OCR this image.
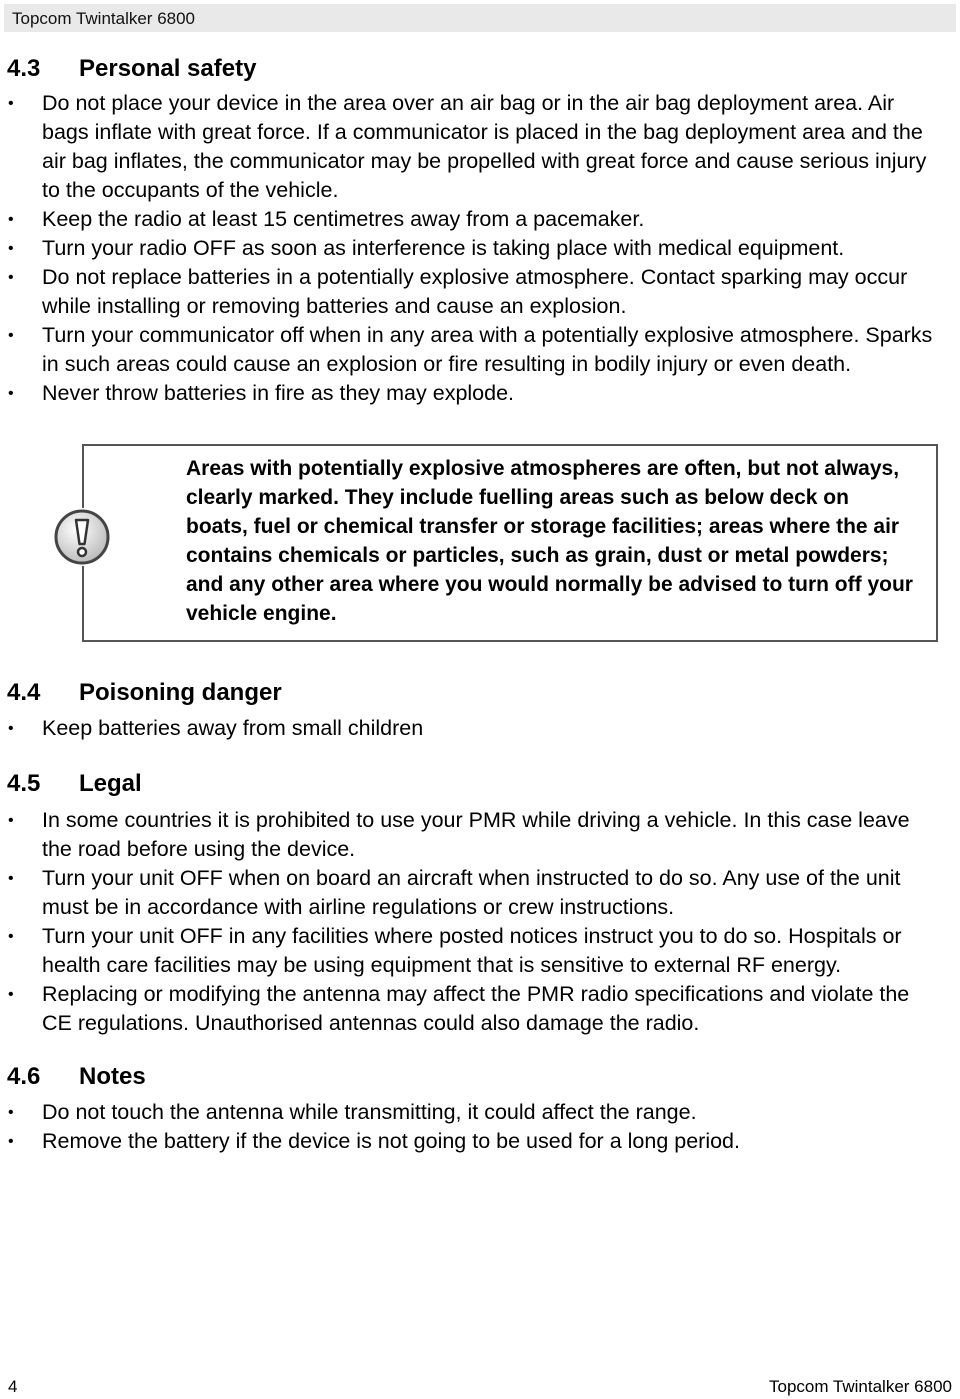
Topcom Twintalker 6800
4.3 Personal safety
• Do not place your device in the area over an air bag or in the air bag deployment area. Air bags inflate with great force. If a communicator is placed in the bag deployment area and the air bag inflates, the communicator may be propelled with great force and cause serious injury to the occupants of the vehicle.
• Keep the radio at least 15 centimetres away from a pacemaker.
• Turn your radio OFF as soon as interference is taking place with medical equipment.
• Do not replace batteries in a potentially explosive atmosphere. Contact sparking may occur while installing or removing batteries and cause an explosion.
• Turn your communicator off when in any area with a potentially explosive atmosphere. Sparks in such areas could cause an explosion or fire resulting in bodily injury or even death.
• Never throw batteries in fire as they may explode.
Areas with potentially explosive atmospheres are often, but not always, clearly marked. They include fuelling areas such as below deck on boats, fuel or chemical transfer or storage facilities; areas where the air contains chemicals or particles, such as grain, dust or metal powders; and any other area where you would normally be advised to turn off your vehicle engine.
4.4 Poisoning danger
• Keep batteries away from small children
4.5 Legal
• In some countries it is prohibited to use your PMR while driving a vehicle. In this case leave the road before using the device.
• Turn your unit OFF when on board an aircraft when instructed to do so. Any use of the unit must be in accordance with airline regulations or crew instructions.
• Turn your unit OFF in any facilities where posted notices instruct you to do so. Hospitals or health care facilities may be using equipment that is sensitive to external RF energy.
• Replacing or modifying the antenna may affect the PMR radio specifications and violate the CE regulations. Unauthorised antennas could also damage the radio.
4.6 Notes
• Do not touch the antenna while transmitting, it could affect the range.
• Remove the battery if the device is not going to be used for a long period.
4	Topcom Twintalker 6800
